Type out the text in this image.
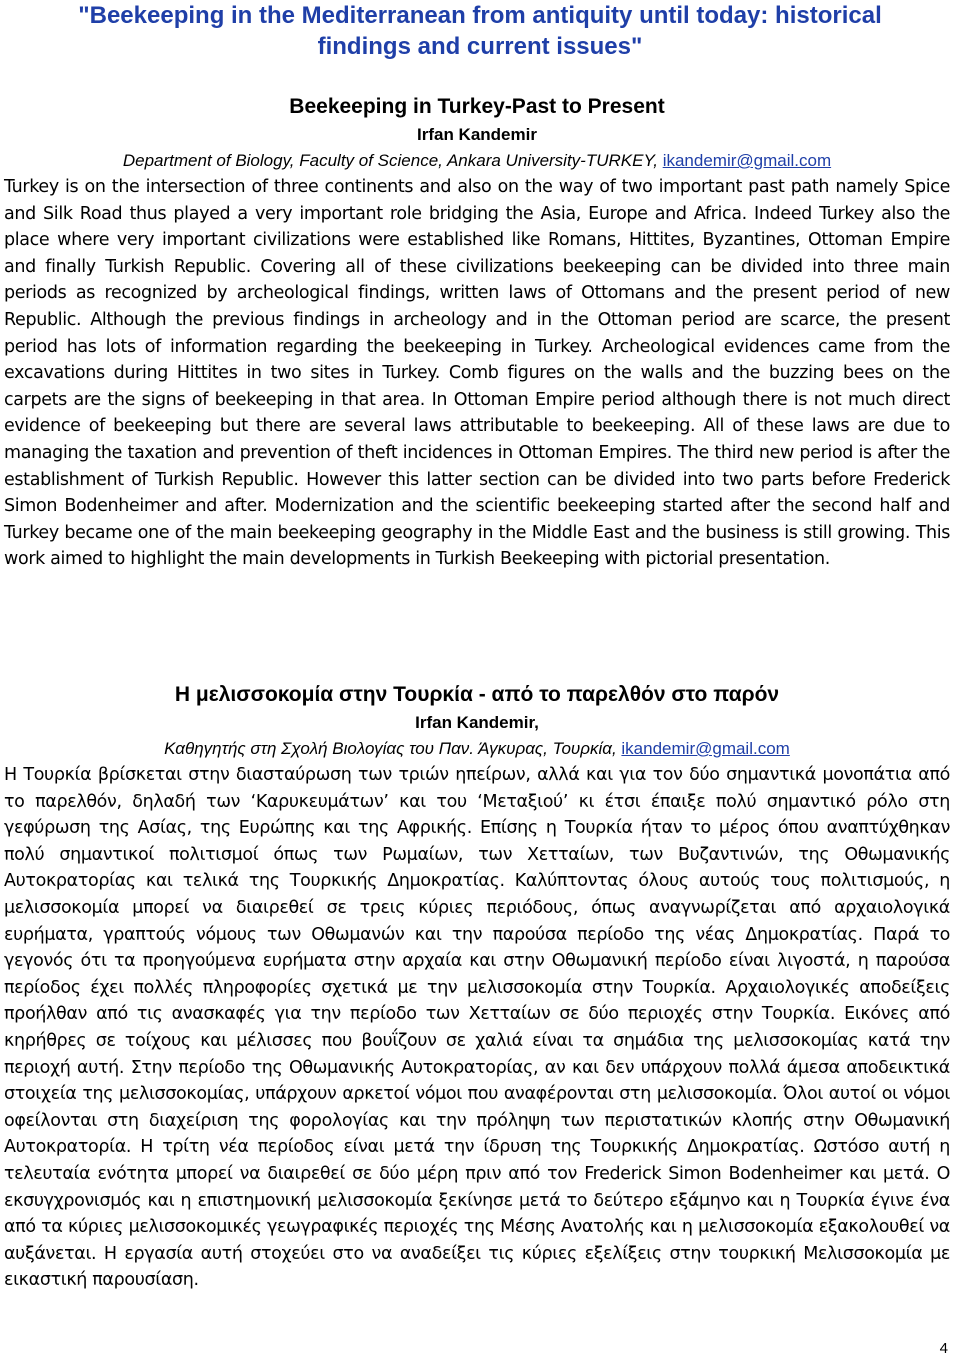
"Beekeeping in the Mediterranean from antiquity until today: historical
findings and current issues"

Beekeeping in Turkey-Past to Present

Irfan Kandemir

Department of Biology, Faculty of Science, Ankara University-TURKEY, ikandemir@gmail.com

Turkey is on the intersection of three continents and also on the way of two important past path namely Spice and Silk Road thus played a very important role bridging the Asia, Europe and Africa. Indeed Turkey also the place where very important civilizations were established like Romans, Hittites, Byzantines, Ottoman Empire and finally Turkish Republic. Covering all of these civilizations beekeeping can be divided into three main periods as recognized by archeological findings, written laws of Ottomans and the present period of new Republic. Although the previous findings in archeology and in the Ottoman period are scarce, the present period has lots of information regarding the beekeeping in Turkey. Archeological evidences came from the excavations during Hittites in two sites in Turkey. Comb figures on the walls and the buzzing bees on the carpets are the signs of beekeeping in that area. In Ottoman Empire period although there is not much direct evidence of beekeeping but there are several laws attributable to beekeeping. All of these laws are due to managing the taxation and prevention of theft incidences in Ottoman Empires. The third new period is after the establishment of Turkish Republic. However this latter section can be divided into two parts before Frederick Simon Bodenheimer and after. Modernization and the scientific beekeeping started after the second half and Turkey became one of the main beekeeping geography in the Middle East and the business is still growing. This work aimed to highlight the main developments in Turkish Beekeeping with pictorial presentation.

Η μελισσοκομία στην Τουρκία - από το παρελθόν στο παρόν

Irfan Kandemir,

Καθηγητής στη Σχολή Βιολογίας του Παν. Άγκυρας, Τουρκία, ikandemir@gmail.com

Η Τουρκία βρίσκεται στην διασταύρωση των τριών ηπείρων, αλλά και για τον δύο σημαντικά μονοπάτια από το παρελθόν, δηλαδή των ‘Καρυκευμάτων’ και του ‘Μεταξιού’ κι έτσι έπαιξε πολύ σημαντικό ρόλο στη γεφύρωση της Ασίας, της Ευρώπης και της Αφρικής. Επίσης η Τουρκία ήταν το μέρος όπου αναπτύχθηκαν πολύ σημαντικοί πολιτισμοί όπως των Ρωμαίων, των Χετταίων, των Βυζαντινών, της Οθωμανικής Αυτοκρατορίας και τελικά της Τουρκικής Δημοκρατίας. Καλύπτοντας όλους αυτούς τους πολιτισμούς, η μελισσοκομία μπορεί να διαιρεθεί σε τρεις κύριες περιόδους, όπως αναγνωρίζεται από αρχαιολογικά ευρήματα, γραπτούς νόμους των Οθωμανών και την παρούσα περίοδο της νέας Δημοκρατίας. Παρά το γεγονός ότι τα προηγούμενα ευρήματα στην αρχαία και στην Οθωμανική περίοδο είναι λιγοστά, η παρούσα περίοδος έχει πολλές πληροφορίες σχετικά με την μελισσοκομία στην Τουρκία. Αρχαιολογικές αποδείξεις προήλθαν από τις ανασκαφές για την περίοδο των Χετταίων σε δύο περιοχές στην Τουρκία. Εικόνες από κηρήθρες σε τοίχους και μέλισσες που βουΐζουν σε χαλιά είναι τα σημάδια της μελισσοκομίας κατά την περιοχή αυτή. Στην περίοδο της Οθωμανικής Αυτοκρατορίας, αν και δεν υπάρχουν πολλά άμεσα αποδεικτικά στοιχεία της μελισσοκομίας, υπάρχουν αρκετοί νόμοι που αναφέρονται στη μελισσοκομία. Όλοι αυτοί οι νόμοι οφείλονται στη διαχείριση της φορολογίας και την πρόληψη των περιστατικών κλοπής στην Οθωμανική Αυτοκρατορία. Η τρίτη νέα περίοδος είναι μετά την ίδρυση της Τουρκικής Δημοκρατίας. Ωστόσο αυτή η τελευταία ενότητα μπορεί να διαιρεθεί σε δύο μέρη πριν από τον Frederick Simon Bodenheimer και μετά. Ο εκσυγχρονισμός και η επιστημονική μελισσοκομία ξεκίνησε μετά το δεύτερο εξάμηνο και η Τουρκία έγινε ένα από τα κύριες μελισσοκομικές γεωγραφικές περιοχές της Μέσης Ανατολής και η μελισσοκομία εξακολουθεί να αυξάνεται. Η εργασία αυτή στοχεύει στο να αναδείξει τις κύριες εξελίξεις στην τουρκική Μελισσοκομία με εικαστική παρουσίαση.

4
